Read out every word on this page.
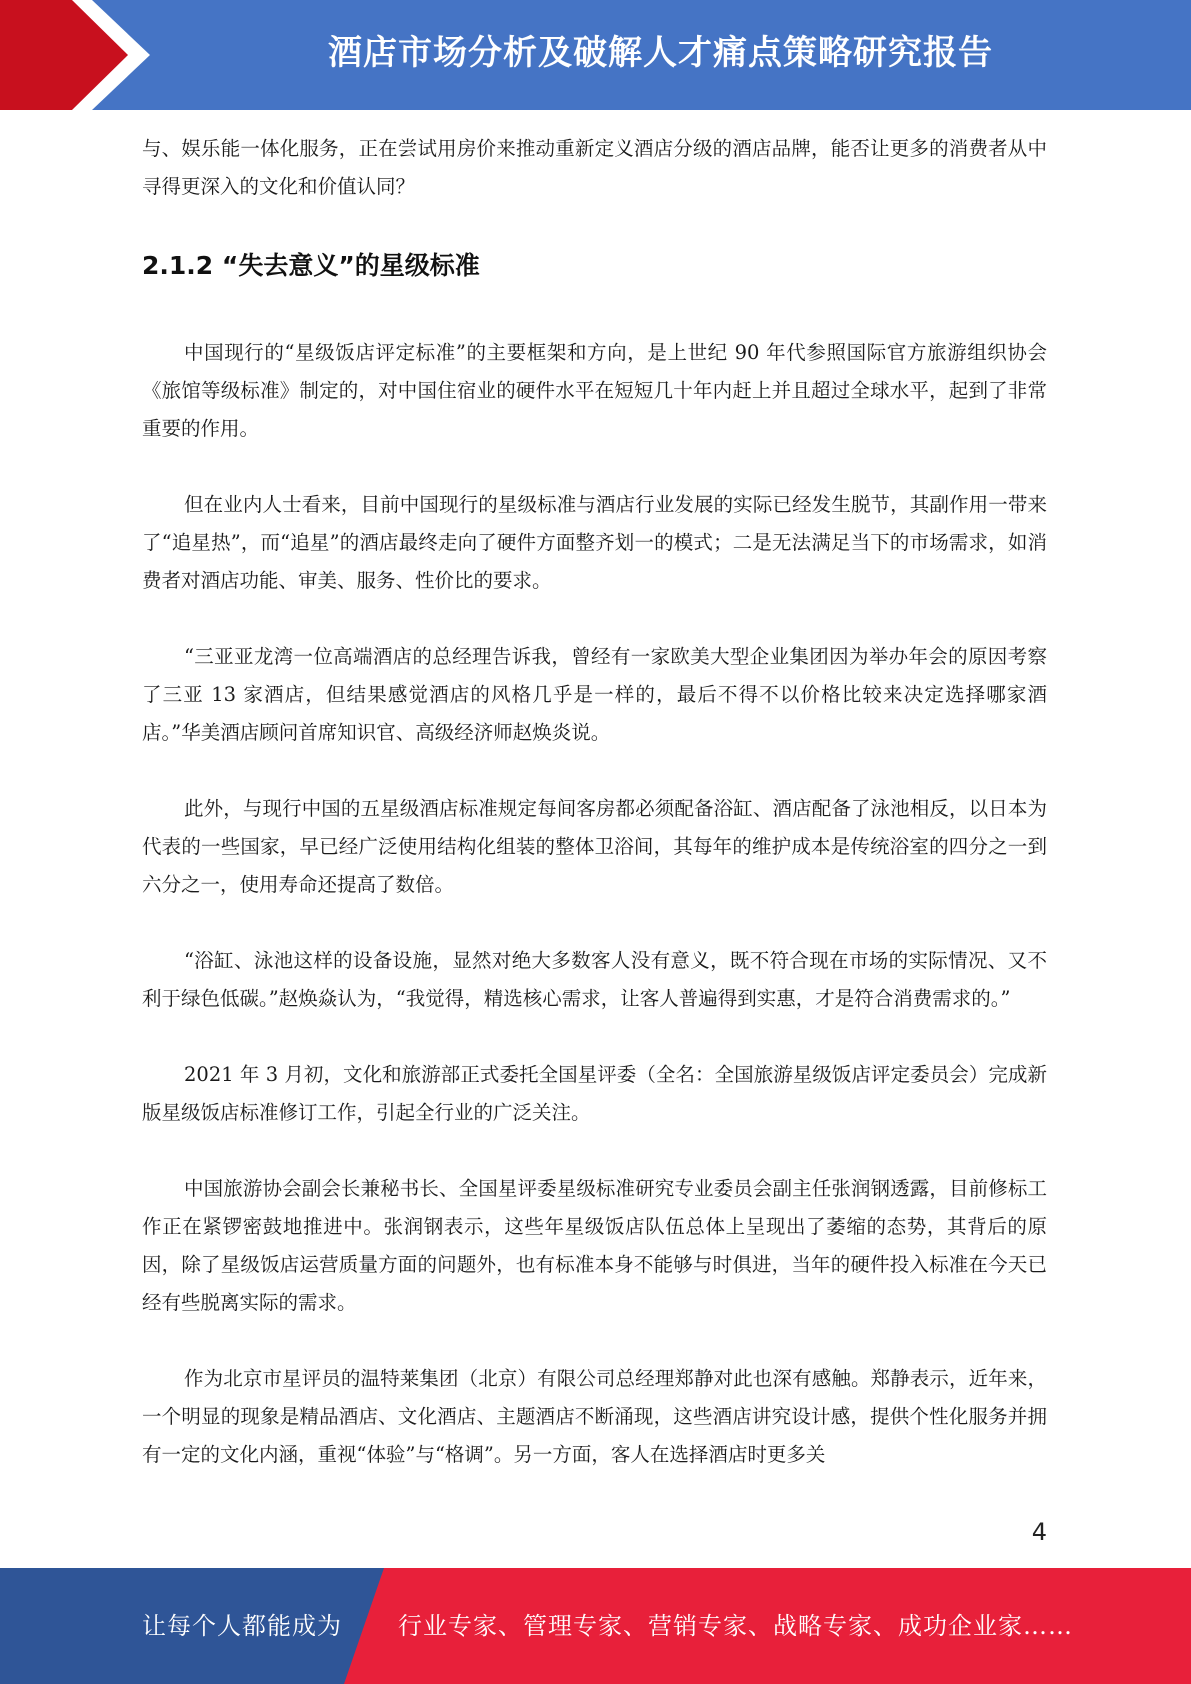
酒店市场分析及破解人才痛点策略研究报告

与、娱乐能一体化服务，正在尝试用房价来推动重新定义酒店分级的酒店品牌，能否让更多的消费者从中寻得更深入的文化和价值认同？

2.1.2 “失去意义”的星级标准

中国现行的“星级饭店评定标准”的主要框架和方向，是上世纪 90 年代参照国际官方旅游组织协会《旅馆等级标准》制定的，对中国住宿业的硬件水平在短短几十年内赶上并且超过全球水平，起到了非常重要的作用。

但在业内人士看来，目前中国现行的星级标准与酒店行业发展的实际已经发生脱节，其副作用一带来了“追星热”，而“追星”的酒店最终走向了硬件方面整齐划一的模式；二是无法满足当下的市场需求，如消费者对酒店功能、审美、服务、性价比的要求。

“三亚亚龙湾一位高端酒店的总经理告诉我，曾经有一家欧美大型企业集团因为举办年会的原因考察了三亚 13 家酒店，但结果感觉酒店的风格几乎是一样的，最后不得不以价格比较来决定选择哪家酒店。”华美酒店顾问首席知识官、高级经济师赵焕炎说。

此外，与现行中国的五星级酒店标准规定每间客房都必须配备浴缸、酒店配备了泳池相反，以日本为代表的一些国家，早已经广泛使用结构化组装的整体卫浴间，其每年的维护成本是传统浴室的四分之一到六分之一，使用寿命还提高了数倍。

“浴缸、泳池这样的设备设施，显然对绝大多数客人没有意义，既不符合现在市场的实际情况、又不利于绿色低碳。”赵焕焱认为，“我觉得，精选核心需求，让客人普遍得到实惠，才是符合消费需求的。”

2021 年 3 月初，文化和旅游部正式委托全国星评委（全名：全国旅游星级饭店评定委员会）完成新版星级饭店标准修订工作，引起全行业的广泛关注。

中国旅游协会副会长兼秘书长、全国星评委星级标准研究专业委员会副主任张润钢透露，目前修标工作正在紧锣密鼓地推进中。张润钢表示，这些年星级饭店队伍总体上呈现出了萎缩的态势，其背后的原因，除了星级饭店运营质量方面的问题外，也有标准本身不能够与时俱进，当年的硬件投入标准在今天已经有些脱离实际的需求。

作为北京市星评员的温特莱集团（北京）有限公司总经理郑静对此也深有感触。郑静表示，近年来，一个明显的现象是精品酒店、文化酒店、主题酒店不断涌现，这些酒店讲究设计感，提供个性化服务并拥有一定的文化内涵，重视“体验”与“格调”。另一方面，客人在选择酒店时更多关

4
让每个人都能成为 行业专家、管理专家、营销专家、战略专家、成功企业家……
